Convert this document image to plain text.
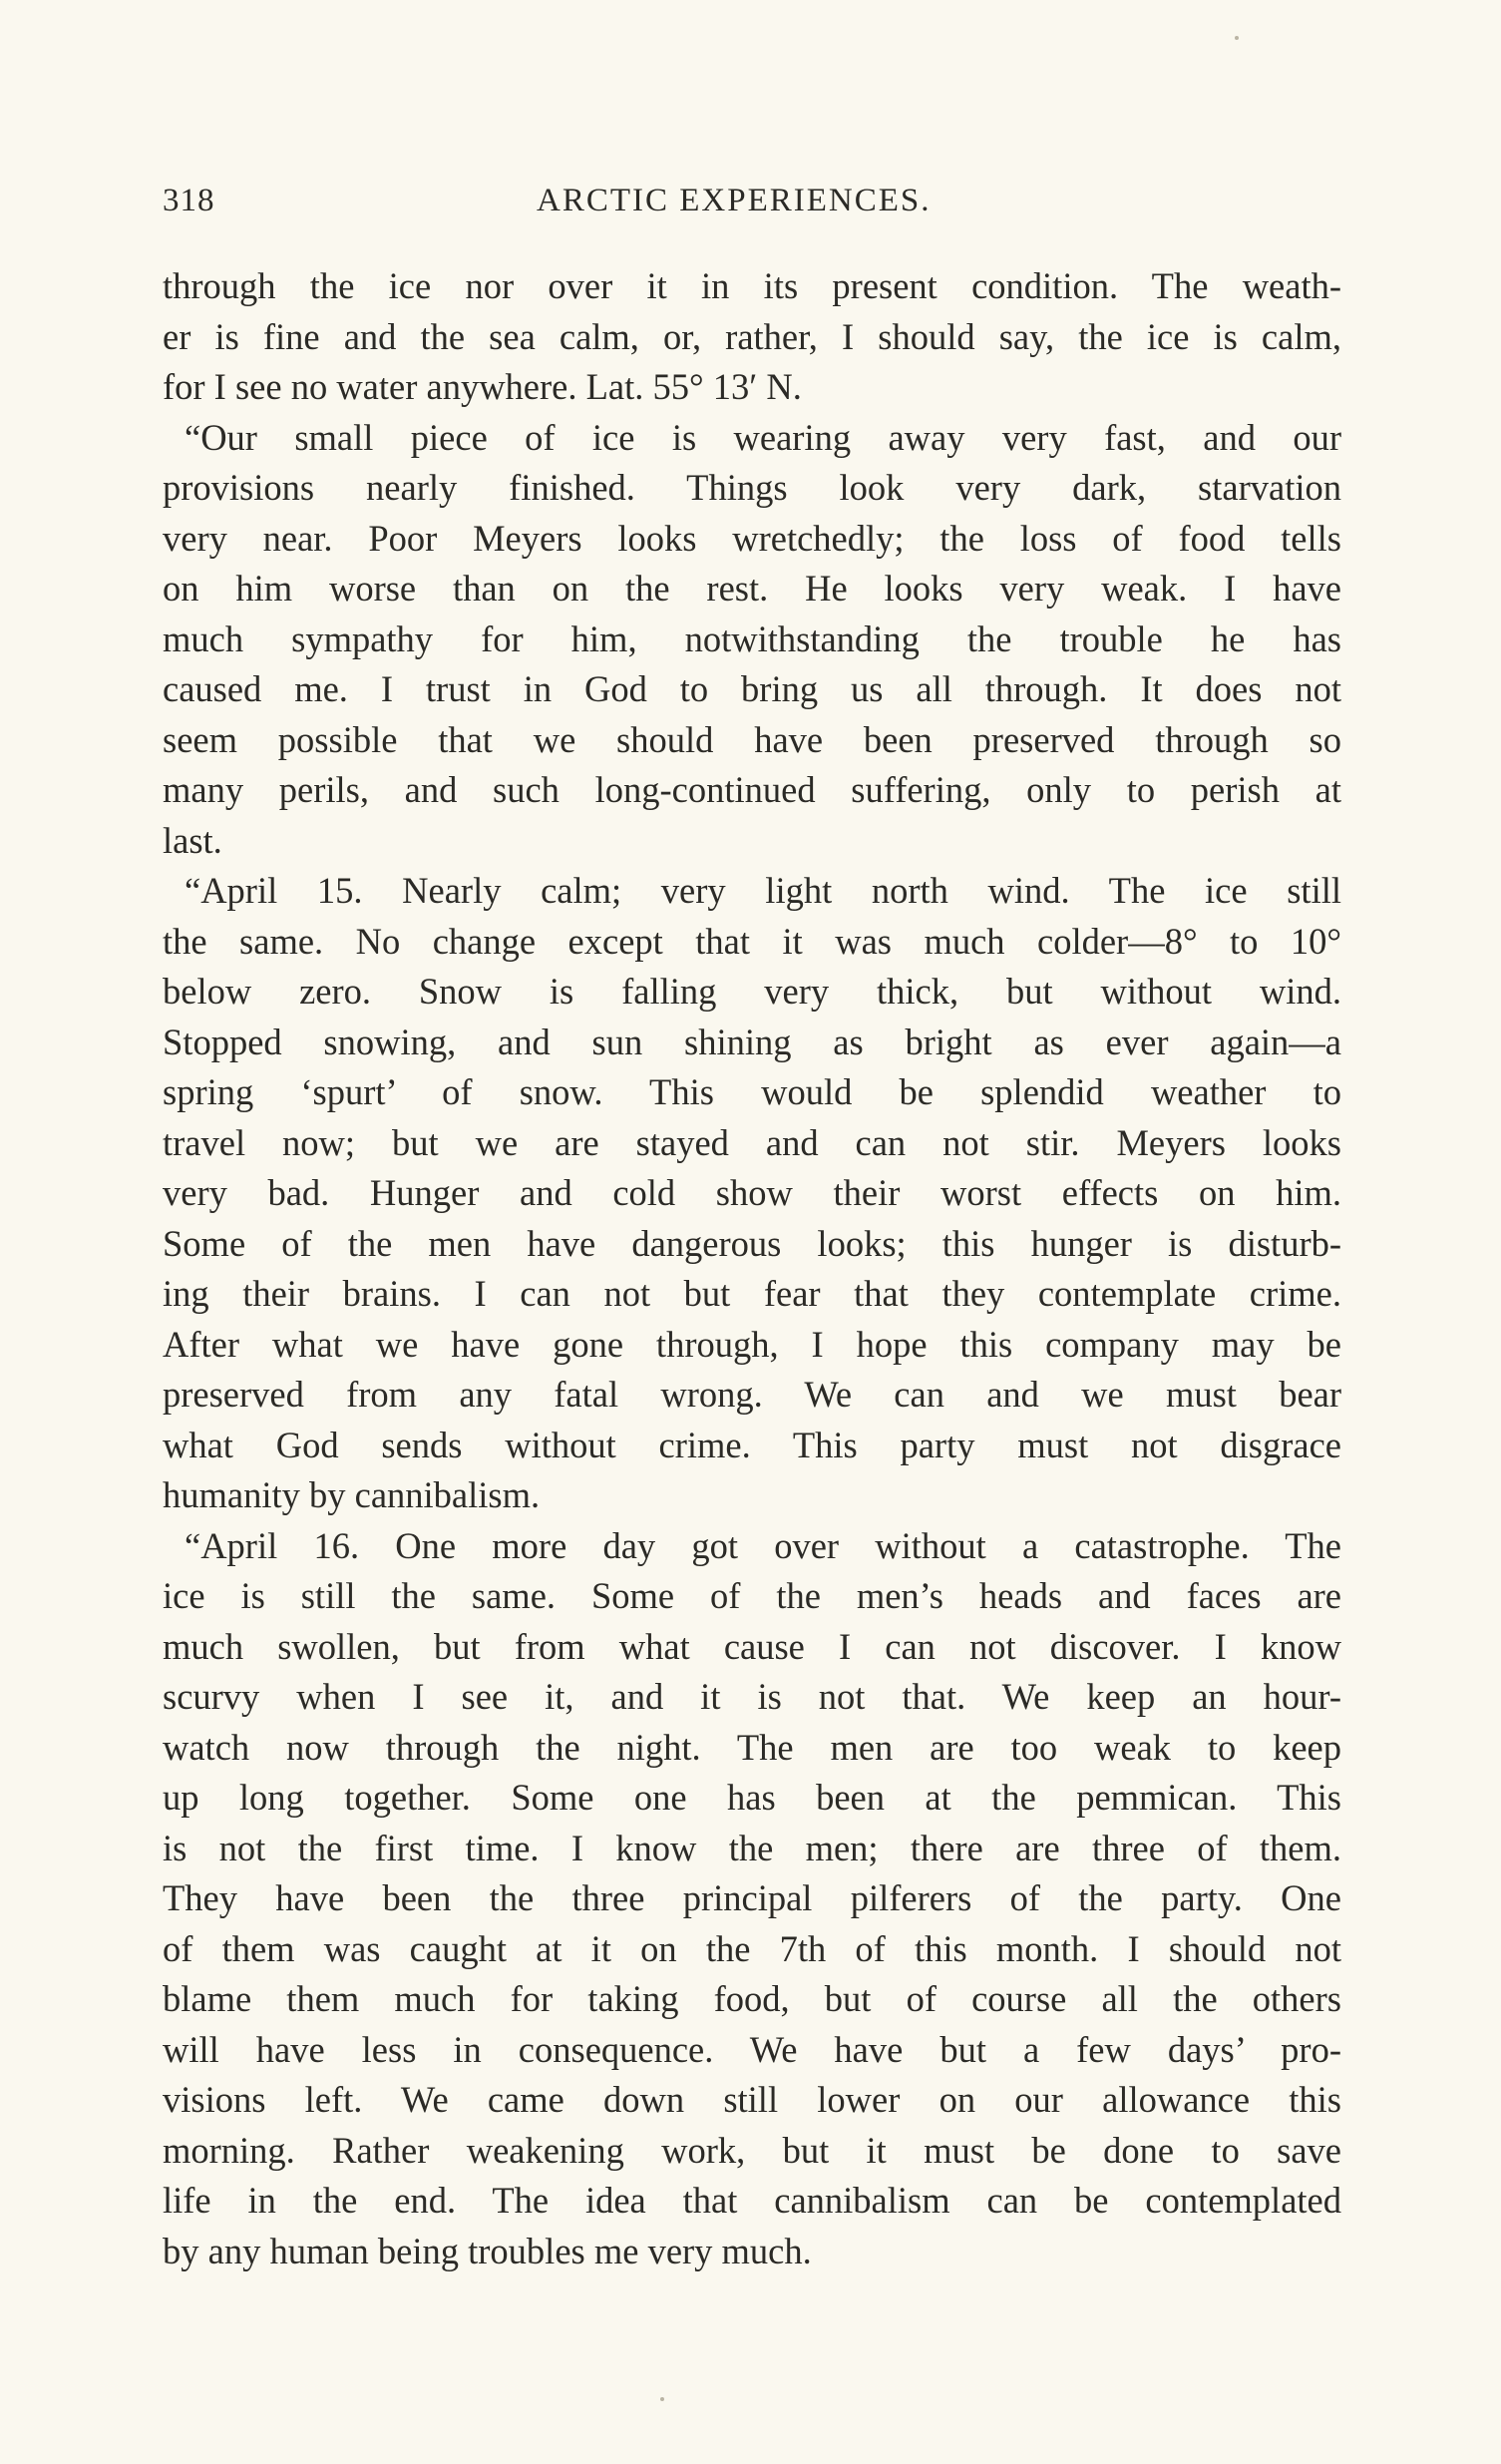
318	ARCTIC EXPERIENCES.
through the ice nor over it in its present condition. The weath-
er is fine and the sea calm, or, rather, I should say, the ice is calm,
for I see no water anywhere. Lat. 55° 13′ N.
“Our small piece of ice is wearing away very fast, and our
provisions nearly finished. Things look very dark, starvation
very near. Poor Meyers looks wretchedly; the loss of food tells
on him worse than on the rest. He looks very weak. I have
much sympathy for him, notwithstanding the trouble he has
caused me. I trust in God to bring us all through. It does not
seem possible that we should have been preserved through so
many perils, and such long-continued suffering, only to perish at
last.
“April 15. Nearly calm; very light north wind. The ice still
the same. No change except that it was much colder—8° to 10°
below zero. Snow is falling very thick, but without wind.
Stopped snowing, and sun shining as bright as ever again—a
spring ‘spurt’ of snow. This would be splendid weather to
travel now; but we are stayed and can not stir. Meyers looks
very bad. Hunger and cold show their worst effects on him.
Some of the men have dangerous looks; this hunger is disturb-
ing their brains. I can not but fear that they contemplate crime.
After what we have gone through, I hope this company may be
preserved from any fatal wrong. We can and we must bear
what God sends without crime. This party must not disgrace
humanity by cannibalism.
“April 16. One more day got over without a catastrophe. The
ice is still the same. Some of the men’s heads and faces are
much swollen, but from what cause I can not discover. I know
scurvy when I see it, and it is not that. We keep an hour-
watch now through the night. The men are too weak to keep
up long together. Some one has been at the pemmican. This
is not the first time. I know the men; there are three of them.
They have been the three principal pilferers of the party. One
of them was caught at it on the 7th of this month. I should not
blame them much for taking food, but of course all the others
will have less in consequence. We have but a few days’ pro-
visions left. We came down still lower on our allowance this
morning. Rather weakening work, but it must be done to save
life in the end. The idea that cannibalism can be contemplated
by any human being troubles me very much.
